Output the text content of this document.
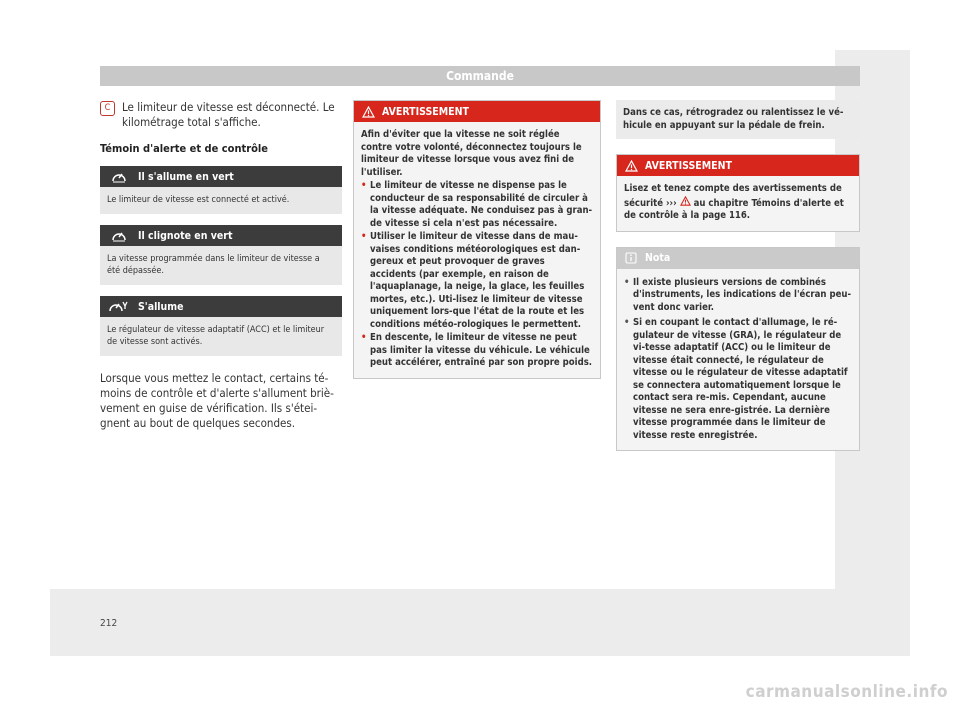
Commande
C	Le limiteur de vitesse est déconnecté. Le kilométrage total s'affiche.
Témoin d'alerte et de contrôle
Il s'allume en vert
Le limiteur de vitesse est connecté et activé.
Il clignote en vert
La vitesse programmée dans le limiteur de vitesse a été dépassée.
S'allume
Le régulateur de vitesse adaptatif (ACC) et le limiteur de vitesse sont activés.
Lorsque vous mettez le contact, certains té-moins de contrôle et d'alerte s'allument briè-vement en guise de vérification. Ils s'étei-gnent au bout de quelques secondes.
AVERTISSEMENT
Afin d'éviter que la vitesse ne soit réglée contre votre volonté, déconnectez toujours le limiteur de vitesse lorsque vous avez fini de l'utiliser.
• Le limiteur de vitesse ne dispense pas le conducteur de sa responsabilité de circuler à la vitesse adéquate. Ne conduisez pas à gran-de vitesse si cela n'est pas nécessaire.
• Utiliser le limiteur de vitesse dans de mau-vaises conditions météorologiques est dan-gereux et peut provoquer de graves accidents (par exemple, en raison de l'aquaplanage, la neige, la glace, les feuilles mortes, etc.). Uti-lisez le limiteur de vitesse uniquement lors-que l'état de la route et les conditions météo-rologiques le permettent.
• En descente, le limiteur de vitesse ne peut pas limiter la vitesse du véhicule. Le véhicule peut accélérer, entraîné par son propre poids.
Dans ce cas, rétrogradez ou ralentissez le vé-hicule en appuyant sur la pédale de frein.
AVERTISSEMENT
Lisez et tenez compte des avertissements de sécurité ››› au chapitre Témoins d'alerte et de contrôle à la page 116.
Nota
• Il existe plusieurs versions de combinés d'instruments, les indications de l'écran peu-vent donc varier.
• Si en coupant le contact d'allumage, le ré-gulateur de vitesse (GRA), le régulateur de vi-tesse adaptatif (ACC) ou le limiteur de vitesse était connecté, le régulateur de vitesse ou le régulateur de vitesse adaptatif se connectera automatiquement lorsque le contact sera re-mis. Cependant, aucune vitesse ne sera enre-gistrée. La dernière vitesse programmée dans le limiteur de vitesse reste enregistrée.
212
carmanualsonline.info
